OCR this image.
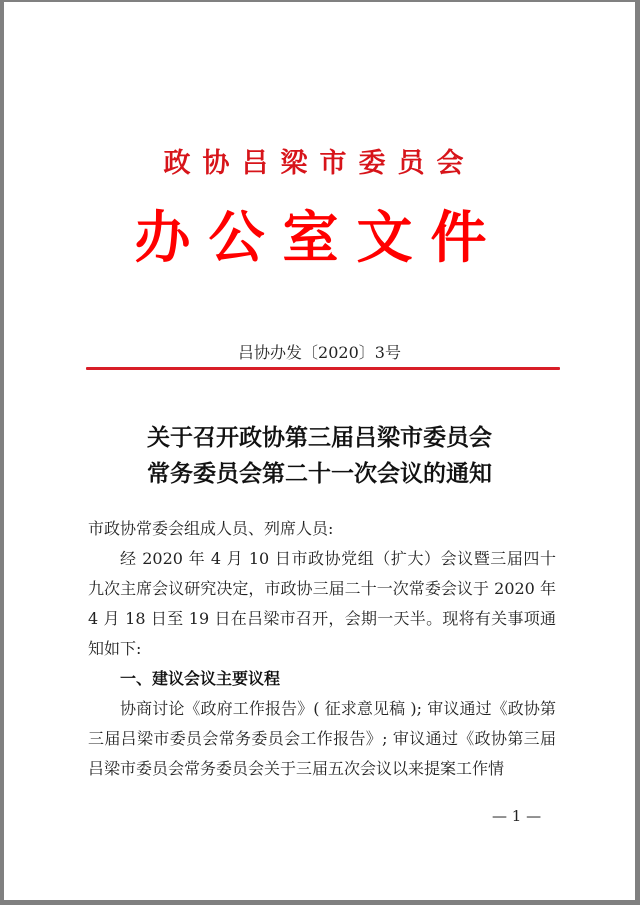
政协吕梁市委员会
办公室文件
吕协办发〔2020〕3号
关于召开政协第三届吕梁市委员会
常务委员会第二十一次会议的通知

市政协常委会组成人员、列席人员:

经 2020 年 4 月 10 日市政协党组（扩大）会议暨三届四十九次主席会议研究决定，市政协三届二十一次常委会议于 2020 年 4 月 18 日至 19 日在吕梁市召开，会期一天半。现将有关事项通知如下:

一、建议会议主要议程

协商讨论《政府工作报告》( 征求意见稿 ); 审议通过《政协第三届吕梁市委员会常务委员会工作报告》; 审议通过《政协第三届吕梁市委员会常务委员会关于三届五次会议以来提案工作情

— 1 —
